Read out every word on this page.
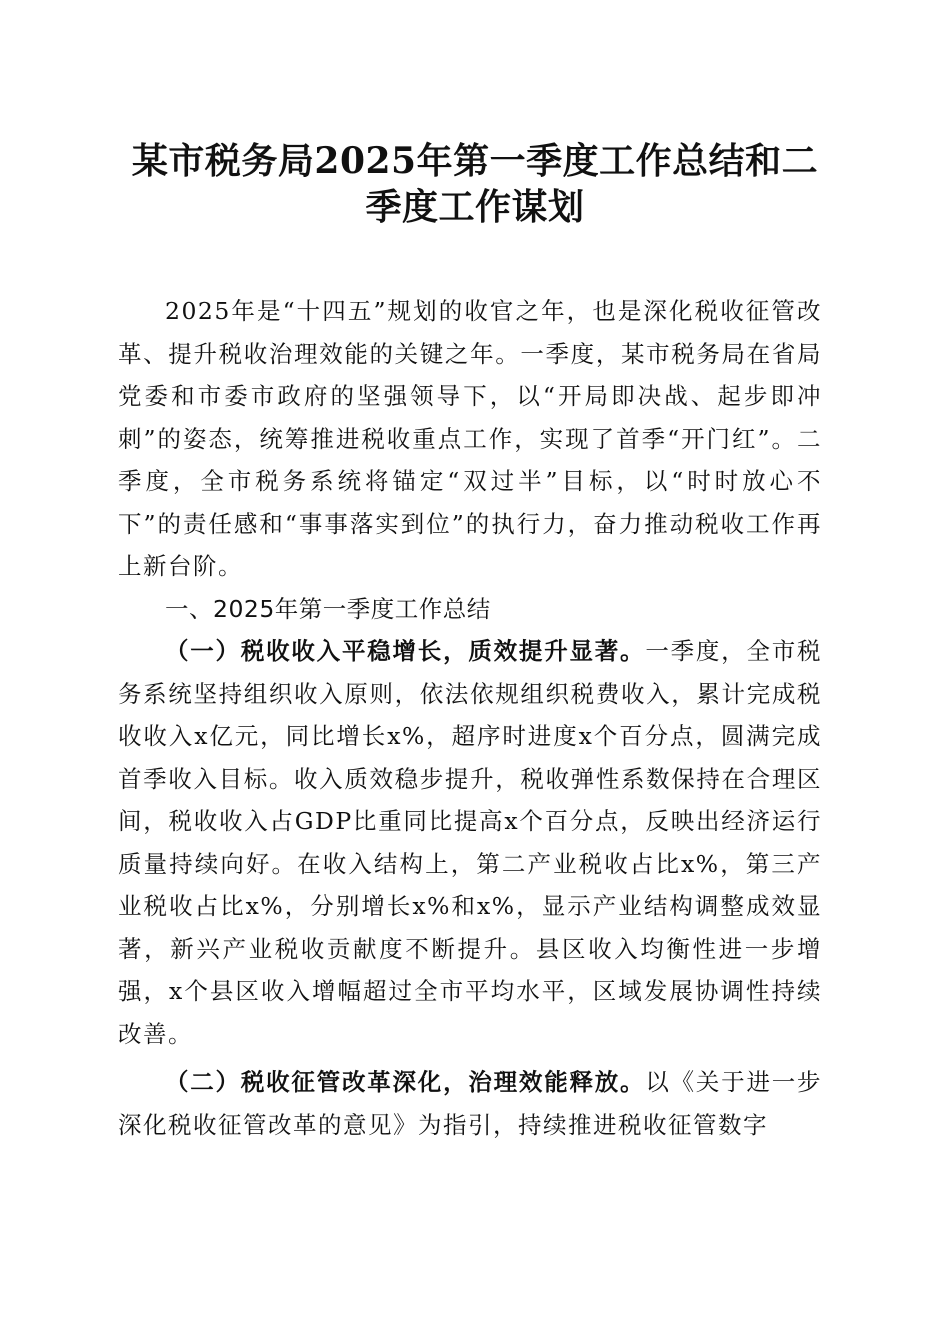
某市税务局2025年第一季度工作总结和二季度工作谋划

2025年是“十四五”规划的收官之年，也是深化税收征管改革、提升税收治理效能的关键之年。一季度，某市税务局在省局党委和市委市政府的坚强领导下，以“开局即决战、起步即冲刺”的姿态，统筹推进税收重点工作，实现了首季“开门红”。二季度，全市税务系统将锚定“双过半”目标，以“时时放心不下”的责任感和“事事落实到位”的执行力，奋力推动税收工作再上新台阶。

一、2025年第一季度工作总结

（一）税收收入平稳增长，质效提升显著。一季度，全市税务系统坚持组织收入原则，依法依规组织税费收入，累计完成税收收入x亿元，同比增长x%，超序时进度x个百分点，圆满完成首季收入目标。收入质效稳步提升，税收弹性系数保持在合理区间，税收收入占GDP比重同比提高x个百分点，反映出经济运行质量持续向好。在收入结构上，第二产业税收占比x%，第三产业税收占比x%，分别增长x%和x%，显示产业结构调整成效显著，新兴产业税收贡献度不断提升。县区收入均衡性进一步增强，x个县区收入增幅超过全市平均水平，区域发展协调性持续改善。

（二）税收征管改革深化，治理效能释放。以《关于进一步深化税收征管改革的意见》为指引，持续推进税收征管数字
